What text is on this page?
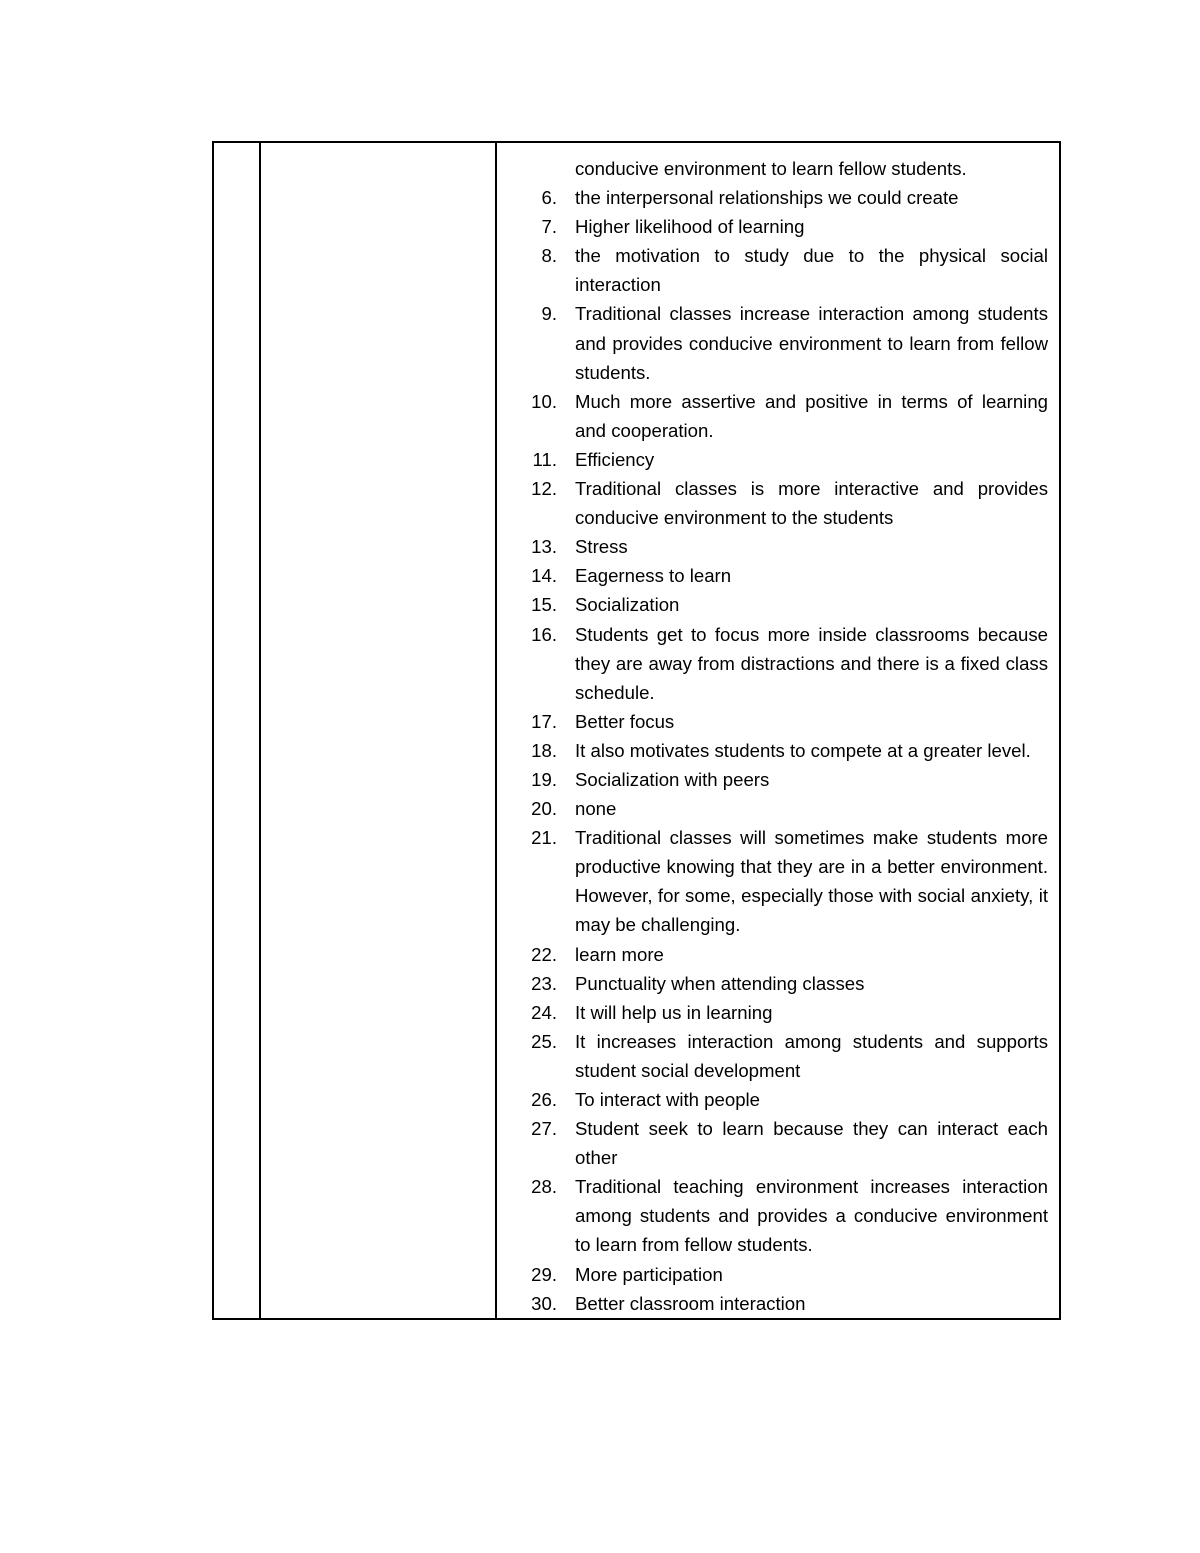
conducive environment to learn fellow students.
6. the interpersonal relationships we could create
7. Higher likelihood of learning
8. the motivation to study due to the physical social interaction
9. Traditional classes increase interaction among students and provides conducive environment to learn from fellow students.
10. Much more assertive and positive in terms of learning and cooperation.
11. Efficiency
12. Traditional classes is more interactive and provides conducive environment to the students
13. Stress
14. Eagerness to learn
15. Socialization
16. Students get to focus more inside classrooms because they are away from distractions and there is a fixed class schedule.
17. Better focus
18. It also motivates students to compete at a greater level.
19. Socialization with peers
20. none
21. Traditional classes will sometimes make students more productive knowing that they are in a better environment. However, for some, especially those with social anxiety, it may be challenging.
22. learn more
23. Punctuality when attending classes
24. It will help us in learning
25. It increases interaction among students and supports student social development
26. To interact with people
27. Student seek to learn because they can interact each other
28. Traditional teaching environment increases interaction among students and provides a conducive environment to learn from fellow students.
29. More participation
30. Better classroom interaction
